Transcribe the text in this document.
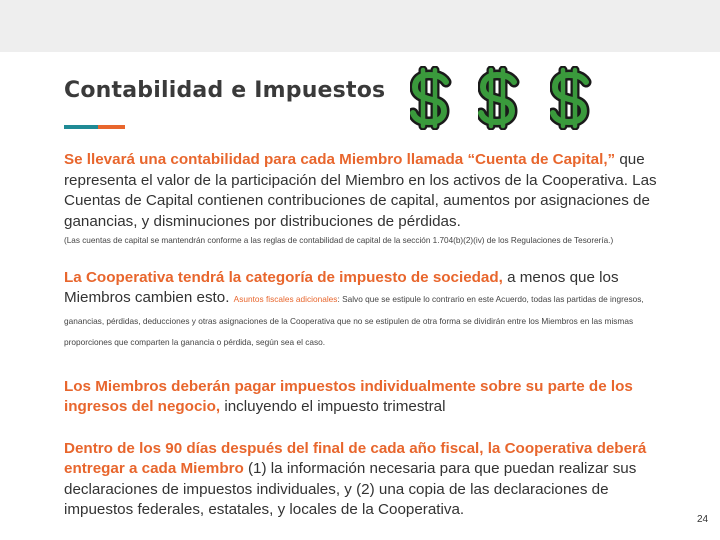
Contabilidad e Impuestos

Se llevará una contabilidad para cada Miembro llamada “Cuenta de Capital,” que representa el valor de la participación del Miembro en los activos de la Cooperativa. Las Cuentas de Capital contienen contribuciones de capital, aumentos por asignaciones de ganancias, y disminuciones por distribuciones de pérdidas.
(Las cuentas de capital se mantendrán conforme a las reglas de contabilidad de capital de la sección 1.704(b)(2)(iv) de los Regulaciones de Tesorería.)

La Cooperativa tendrá la categoría de impuesto de sociedad, a menos que los Miembros cambien esto. Asuntos fiscales adicionales: Salvo que se estipule lo contrario en este Acuerdo, todas las partidas de ingresos, ganancias, pérdidas, deducciones y otras asignaciones de la Cooperativa que no se estipulen de otra forma se dividirán entre los Miembros en las mismas proporciones que comparten la ganancia o pérdida, según sea el caso.

Los Miembros deberán pagar impuestos individualmente sobre su parte de los ingresos del negocio, incluyendo el impuesto trimestral

Dentro de los 90 días después del final de cada año fiscal, la Cooperativa deberá entregar a cada Miembro (1) la información necesaria para que puedan realizar sus declaraciones de impuestos individuales, y (2) una copia de las declaraciones de impuestos federales, estatales, y locales de la Cooperativa.

24
